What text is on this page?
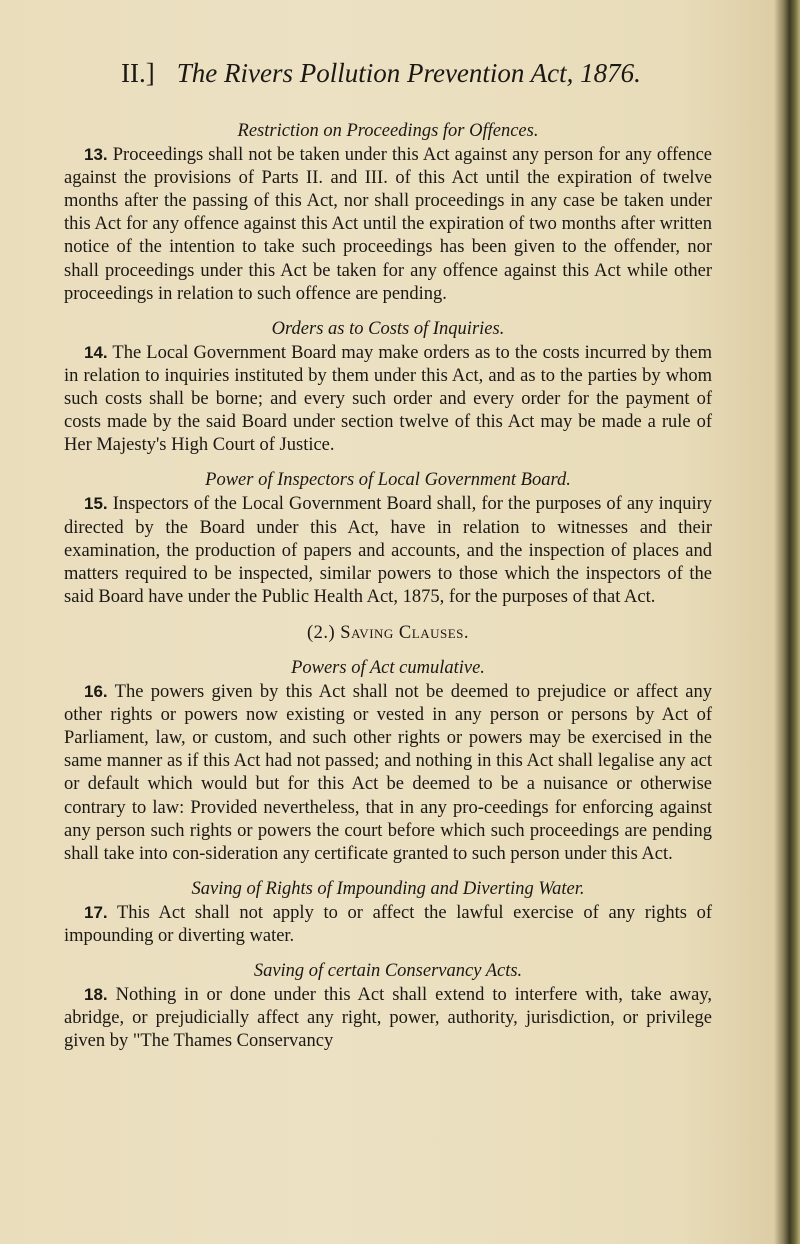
II.] The Rivers Pollution Prevention Act, 1876.

Restriction on Proceedings for Offences.

13. Proceedings shall not be taken under this Act against any person for any offence against the provisions of Parts II. and III. of this Act until the expiration of twelve months after the passing of this Act, nor shall proceedings in any case be taken under this Act for any offence against this Act until the expiration of two months after written notice of the intention to take such proceedings has been given to the offender, nor shall proceedings under this Act be taken for any offence against this Act while other proceedings in relation to such offence are pending.

Orders as to Costs of Inquiries.

14. The Local Government Board may make orders as to the costs incurred by them in relation to inquiries instituted by them under this Act, and as to the parties by whom such costs shall be borne; and every such order and every order for the payment of costs made by the said Board under section twelve of this Act may be made a rule of Her Majesty's High Court of Justice.

Power of Inspectors of Local Government Board.

15. Inspectors of the Local Government Board shall, for the purposes of any inquiry directed by the Board under this Act, have in relation to witnesses and their examination, the production of papers and accounts, and the inspection of places and matters required to be inspected, similar powers to those which the inspectors of the said Board have under the Public Health Act, 1875, for the purposes of that Act.

(2.) Saving Clauses.

Powers of Act cumulative.

16. The powers given by this Act shall not be deemed to prejudice or affect any other rights or powers now existing or vested in any person or persons by Act of Parliament, law, or custom, and such other rights or powers may be exercised in the same manner as if this Act had not passed; and nothing in this Act shall legalise any act or default which would but for this Act be deemed to be a nuisance or otherwise contrary to law: Provided nevertheless, that in any pro-ceedings for enforcing against any person such rights or powers the court before which such proceedings are pending shall take into con-sideration any certificate granted to such person under this Act.

Saving of Rights of Impounding and Diverting Water.

17. This Act shall not apply to or affect the lawful exercise of any rights of impounding or diverting water.

Saving of certain Conservancy Acts.

18. Nothing in or done under this Act shall extend to interfere with, take away, abridge, or prejudicially affect any right, power, authority, jurisdiction, or privilege given by "The Thames Conservancy
